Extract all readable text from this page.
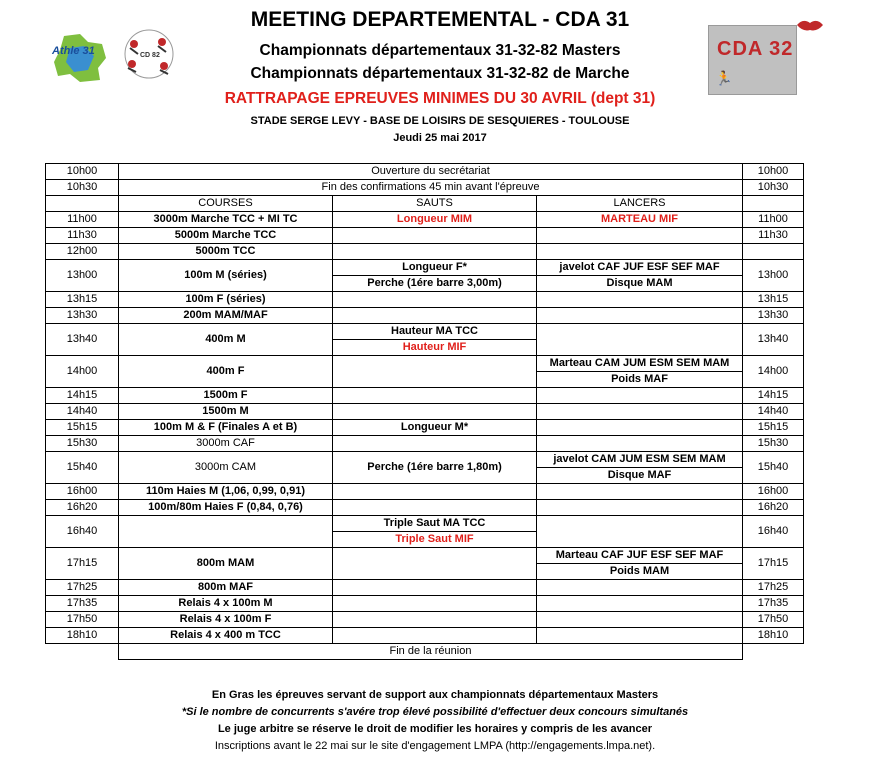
Athle 31	CD 82	CDA 32
🏃
MEETING DEPARTEMENTAL - CDA 31
Championnats départementaux 31-32-82 Masters
Championnats départementaux 31-32-82 de Marche
RATTRAPAGE EPREUVES MINIMES DU 30 AVRIL (dept 31)
STADE SERGE LEVY - BASE DE LOISIRS DE SESQUIERES - TOULOUSE
Jeudi 25 mai 2017
10h00	Ouverture du secrétariat			10h00
10h30	Fin des confirmations 45 min avant l'épreuve			10h30
	COURSES	SAUTS	LANCERS	
11h00	3000m Marche TCC + MI TC	Longueur MIM	MARTEAU MIF	11h00
11h30	5000m Marche TCC			11h30
12h00	5000m TCC			
13h00	100m M (séries)	Longueur F*	javelot CAF JUF ESF SEF MAF	13h00
		Perche (1ére barre 3,00m)	Disque MAM	
13h15	100m F (séries)			13h15
13h30	200m MAM/MAF			13h30
13h40	400m M	Hauteur MA TCC		13h40
		Hauteur MIF		
14h00	400m F		Marteau CAM JUM ESM SEM MAM	14h00
			Poids MAF	
14h15	1500m F			14h15
14h40	1500m M			14h40
15h15	100m M & F (Finales A et B)	Longueur M*		15h15
15h30	3000m CAF			15h30
15h40	3000m CAM	Perche (1ére barre 1,80m)	javelot CAM JUM ESM SEM MAM	15h40
			Disque MAF	
16h00	110m Haies M (1,06, 0,99, 0,91)			16h00
16h20	100m/80m Haies F (0,84, 0,76)			16h20
16h40		Triple Saut MA TCC		16h40
		Triple Saut MIF		
17h15	800m MAM		Marteau CAF JUF ESF SEF MAF	17h15
			Poids MAM	
17h25	800m MAF			17h25
17h35	Relais 4 x 100m M			17h35
17h50	Relais 4 x 100m F			17h50
18h10	Relais 4 x 400 m TCC			18h10
	Fin de la réunion			
En Gras les épreuves servant de support aux championnats départementaux Masters
*Si le nombre de concurrents s'avére trop élevé possibilité d'effectuer deux concours simultanés
Le juge arbitre se réserve le droit de modifier les horaires y compris de les avancer
Inscriptions avant le 22 mai sur le site d'engagement LMPA (http://engagements.lmpa.net).
